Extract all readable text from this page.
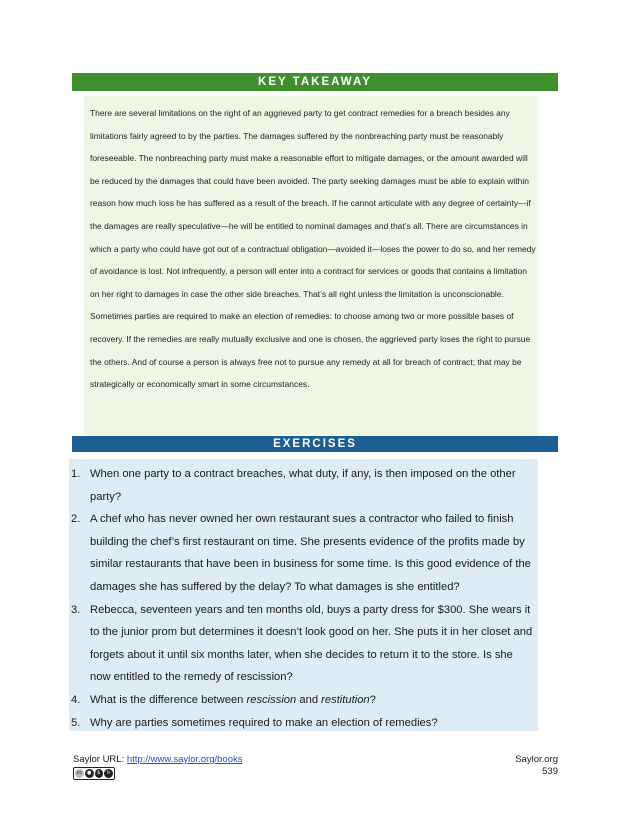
KEY TAKEAWAY

There are several limitations on the right of an aggrieved party to get contract remedies for a breach besides any limitations fairly agreed to by the parties. The damages suffered by the nonbreaching party must be reasonably foreseeable. The nonbreaching party must make a reasonable effort to mitigate damages, or the amount awarded will be reduced by the damages that could have been avoided. The party seeking damages must be able to explain within reason how much loss he has suffered as a result of the breach. If he cannot articulate with any degree of certainty—if the damages are really speculative—he will be entitled to nominal damages and that’s all. There are circumstances in which a party who could have got out of a contractual obligation—avoided it—loses the power to do so, and her remedy of avoidance is lost. Not infrequently, a person will enter into a contract for services or goods that contains a limitation on her right to damages in case the other side breaches. That’s all right unless the limitation is unconscionable. Sometimes parties are required to make an election of remedies: to choose among two or more possible bases of recovery. If the remedies are really mutually exclusive and one is chosen, the aggrieved party loses the right to pursue the others. And of course a person is always free not to pursue any remedy at all for breach of contract; that may be strategically or economically smart in some circumstances.

EXERCISES
1. When one party to a contract breaches, what duty, if any, is then imposed on the other party?
2. A chef who has never owned her own restaurant sues a contractor who failed to finish building the chef’s first restaurant on time. She presents evidence of the profits made by similar restaurants that have been in business for some time. Is this good evidence of the damages she has suffered by the delay? To what damages is she entitled?
3. Rebecca, seventeen years and ten months old, buys a party dress for $300. She wears it to the junior prom but determines it doesn’t look good on her. She puts it in her closet and forgets about it until six months later, when she decides to return it to the store. Is she now entitled to the remedy of rescission?
4. What is the difference between rescission and restitution?
5. Why are parties sometimes required to make an election of remedies?
Saylor URL: http://www.saylor.org/books
cc ●	$	↻
Saylor.org
539
